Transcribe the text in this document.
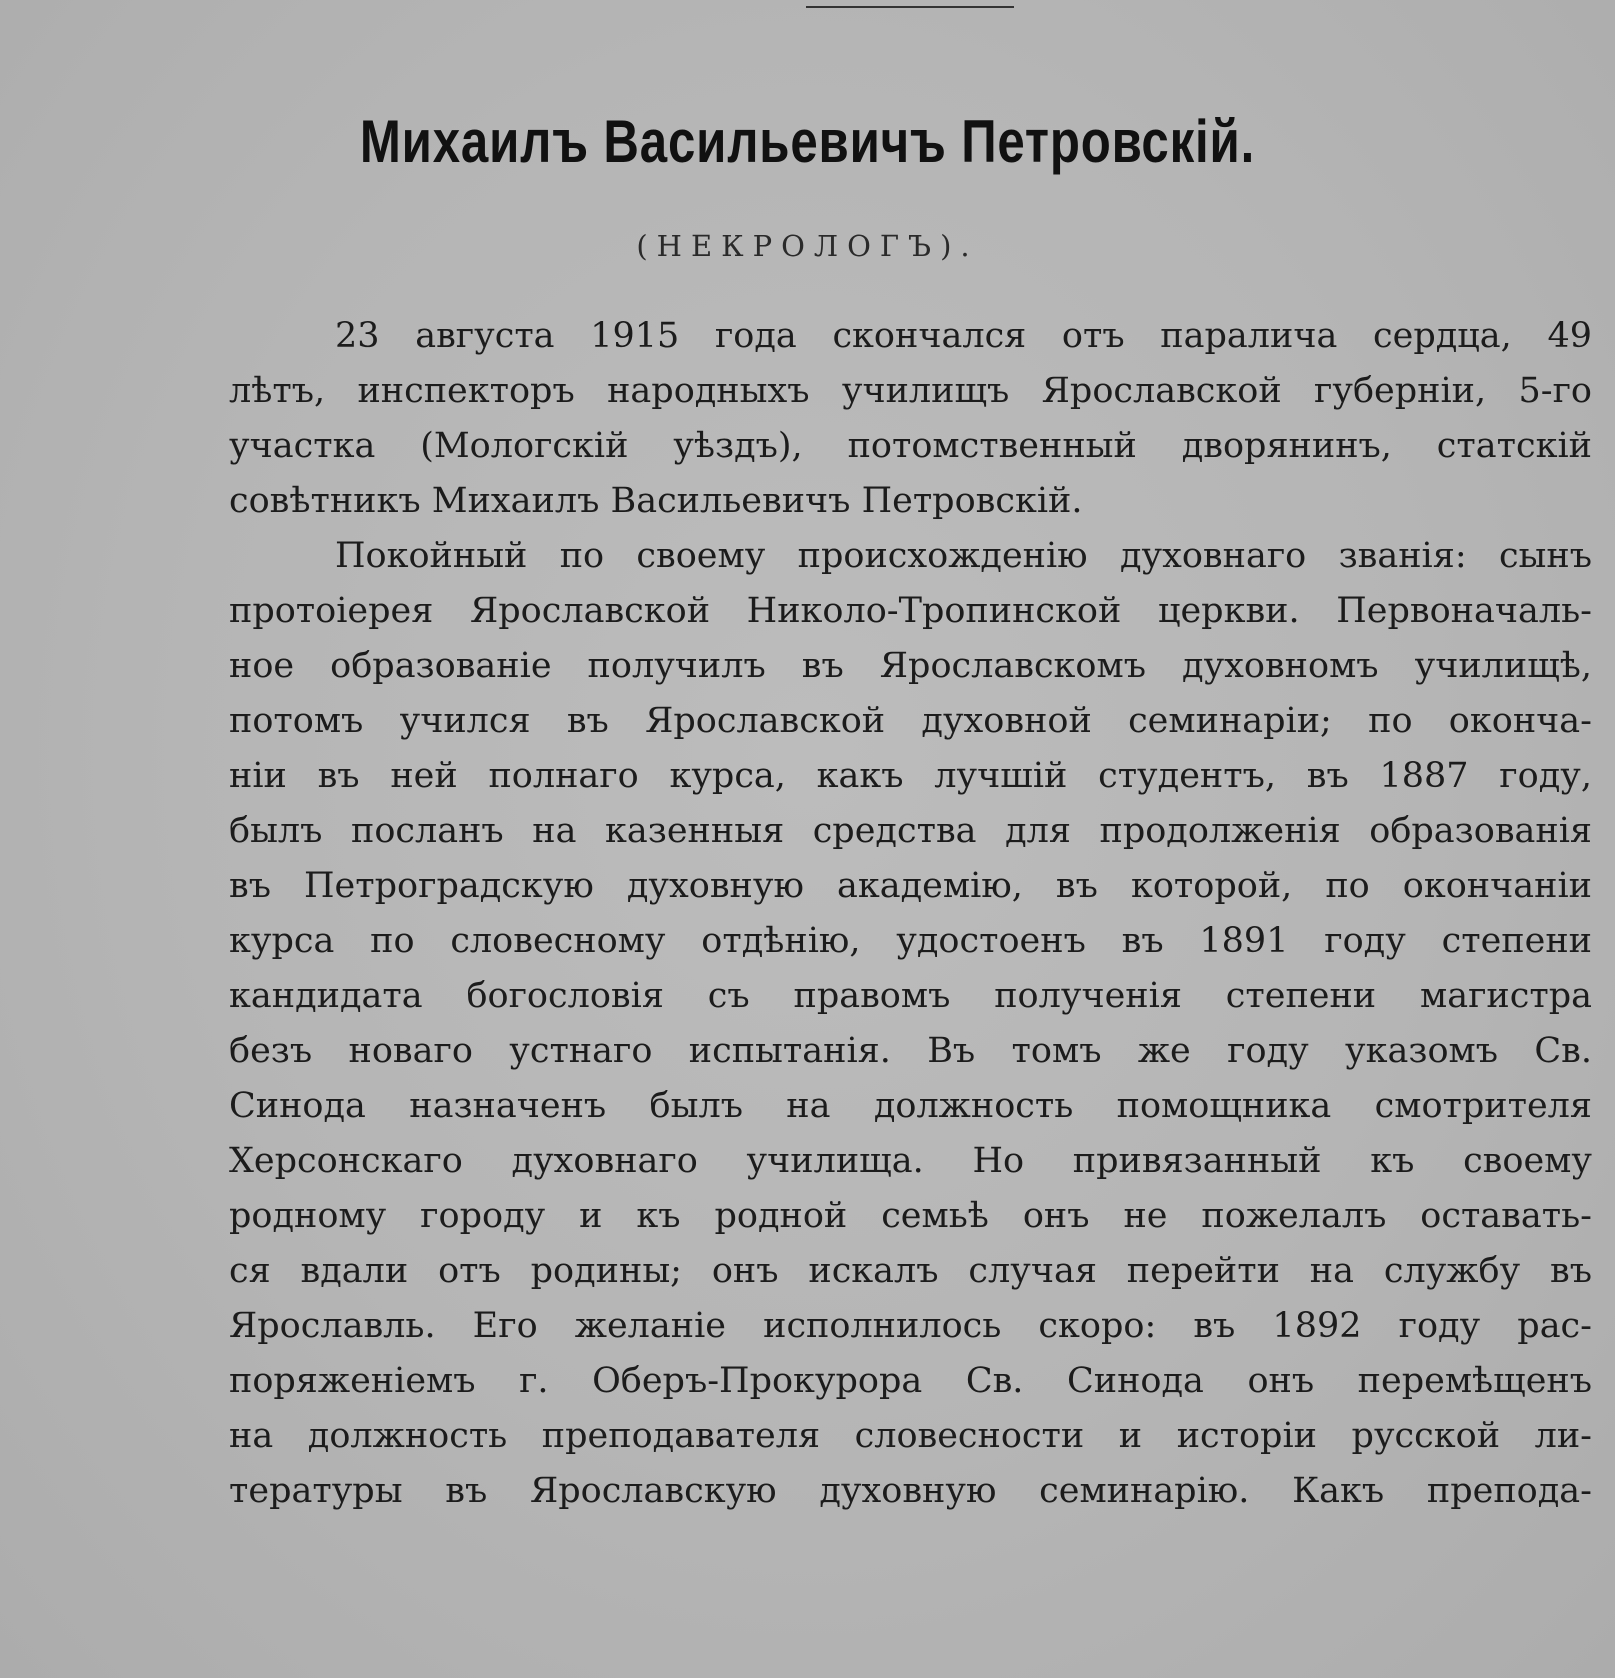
Михаилъ Васильевичъ Петровскій.
(НЕКРОЛОГЪ).
23 августа 1915 года скончался отъ паралича сердца, 49
лѣтъ, инспекторъ народныхъ училищъ Ярославской губерніи, 5-го
участка (Мологскій уѣздъ), потомственный дворянинъ, статскій
совѣтникъ Михаилъ Васильевичъ Петровскій.
Покойный по своему происхожденію духовнаго званія: сынъ
протоіерея Ярославской Николо-Тропинской церкви. Первоначаль-
ное образованіе получилъ въ Ярославскомъ духовномъ училищѣ,
потомъ учился въ Ярославской духовной семинаріи; по оконча-
ніи въ ней полнаго курса, какъ лучшій студентъ, въ 1887 году,
былъ посланъ на казенныя средства для продолженія образованія
въ Петроградскую духовную академію, въ которой, по окончаніи
курса по словесному отдѣнію, удостоенъ въ 1891 году степени
кандидата богословія съ правомъ полученія степени магистра
безъ новаго устнаго испытанія. Въ томъ же году указомъ Св.
Синода назначенъ былъ на должность помощника смотрителя
Херсонскаго духовнаго училища. Но привязанный къ своему
родному городу и къ родной семьѣ онъ не пожелалъ оставать-
ся вдали отъ родины; онъ искалъ случая перейти на службу въ
Ярославль. Его желаніе исполнилось скоро: въ 1892 году рас-
поряженіемъ г. Оберъ-Прокурора Св. Синода онъ перемѣщенъ
на должность преподавателя словесности и исторіи русской ли-
тературы въ Ярославскую духовную семинарію. Какъ препода-
